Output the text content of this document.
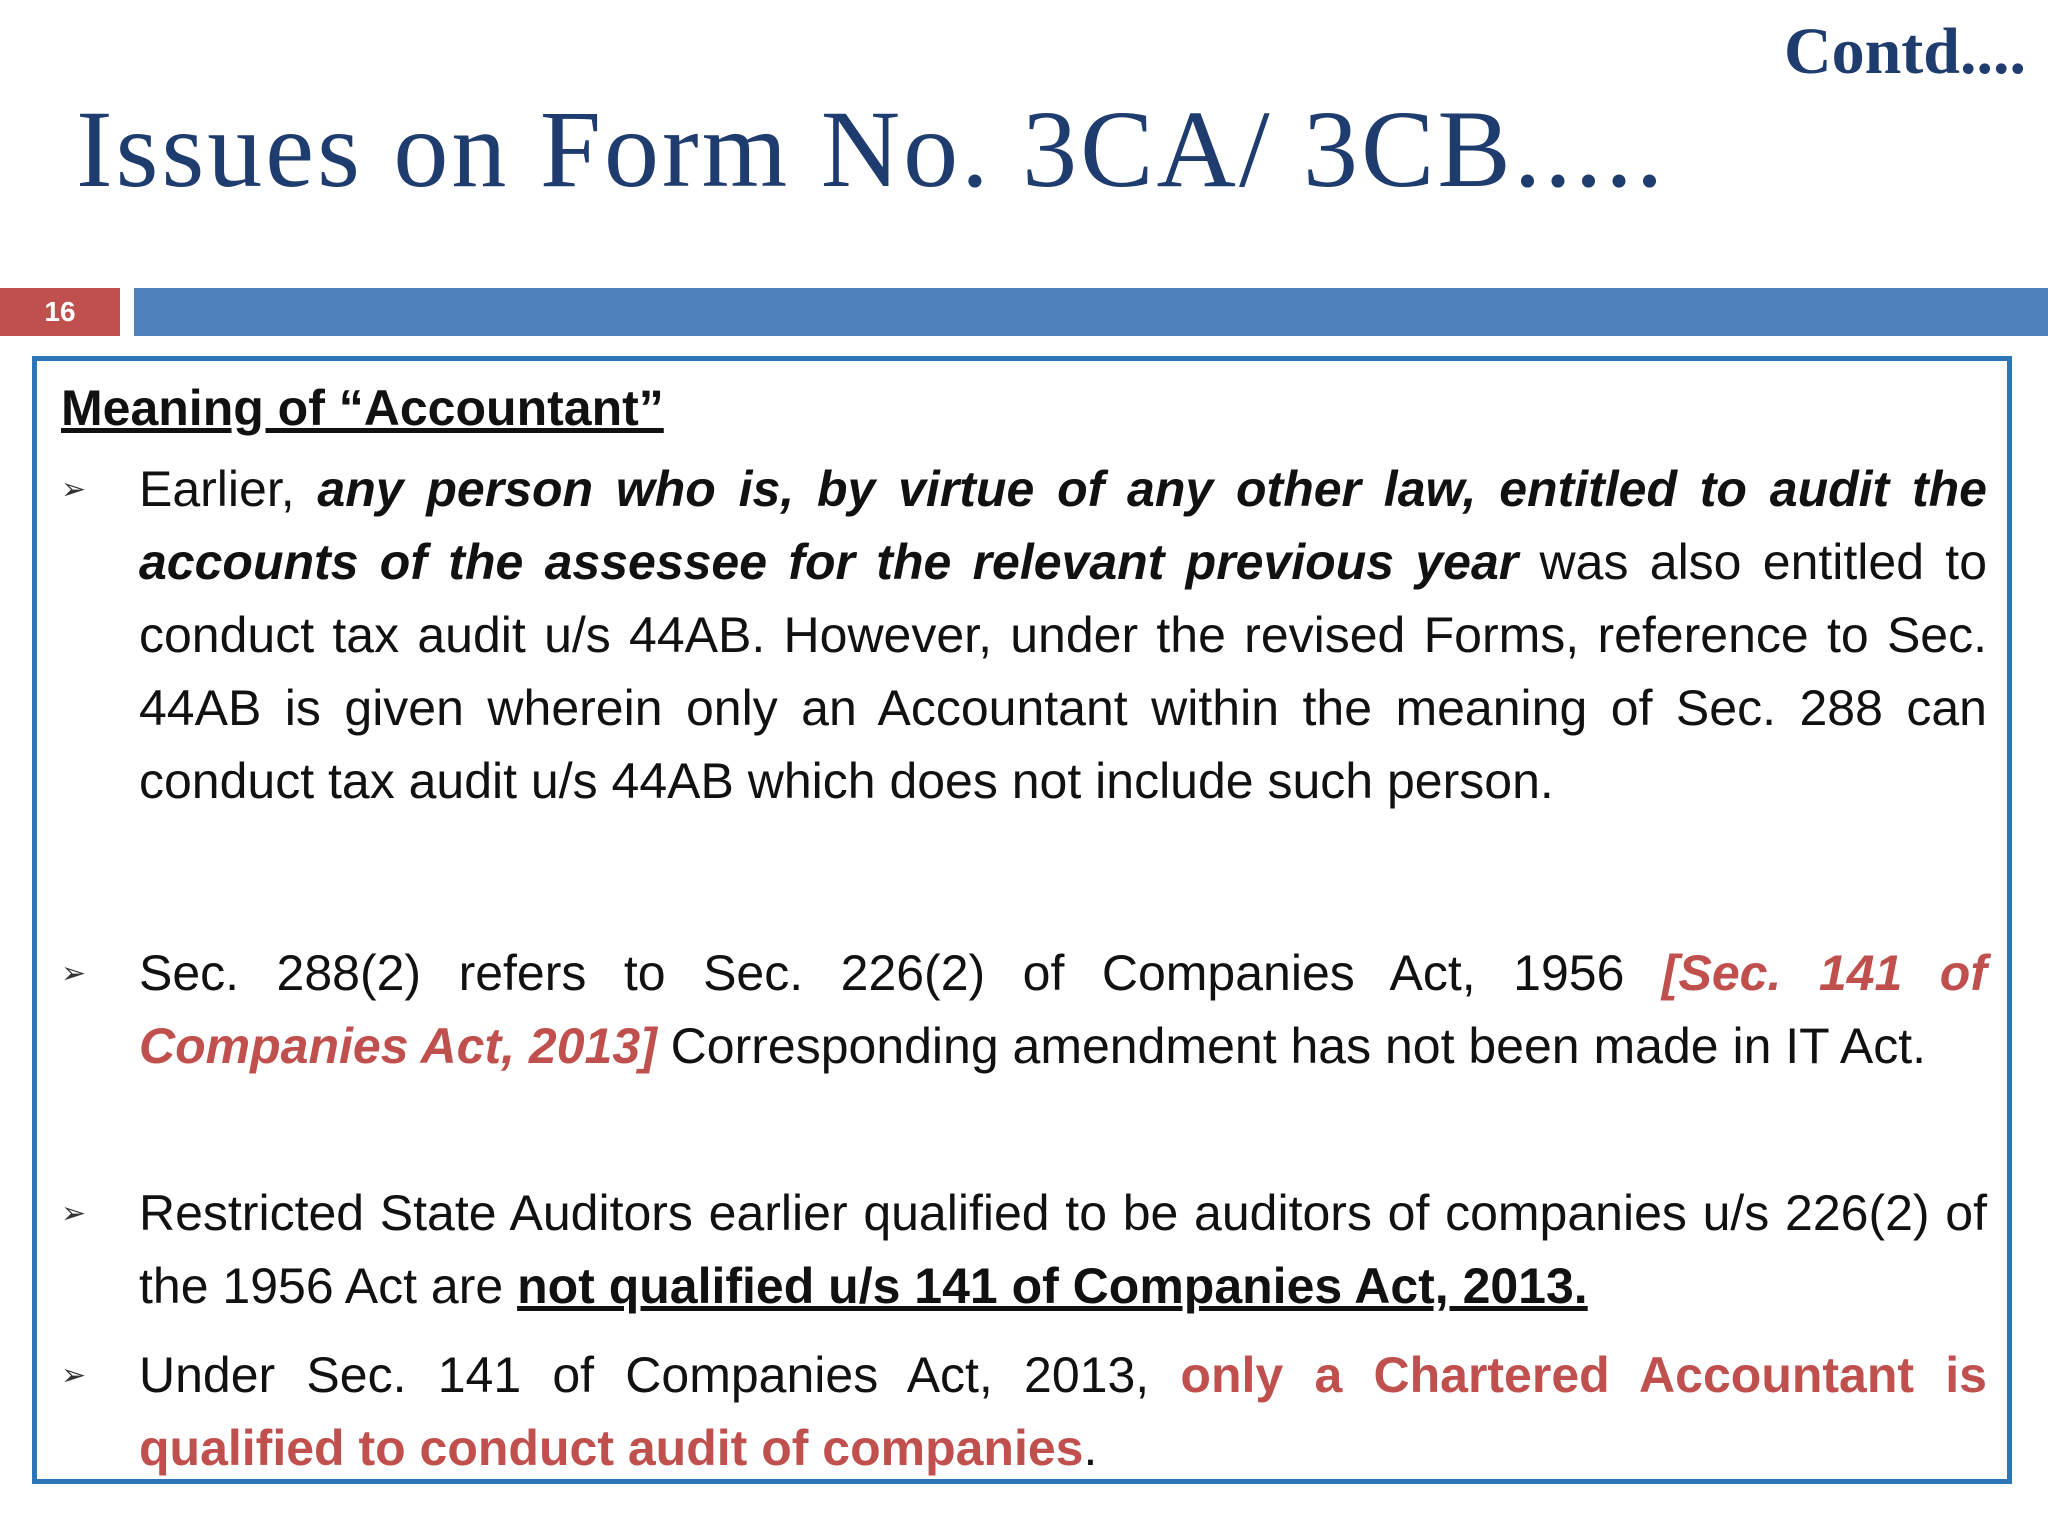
Contd....
Issues on Form No. 3CA/ 3CB.....
16
Meaning of “Accountant”
➢	Earlier, any person who is, by virtue of any other law, entitled to audit the accounts of the assessee for the relevant previous year was also entitled to conduct tax audit u/s 44AB. However, under the revised Forms, reference to Sec. 44AB is given wherein only an Accountant within the meaning of Sec. 288 can conduct tax audit u/s 44AB which does not include such person.
➢	Sec. 288(2) refers to Sec. 226(2) of Companies Act, 1956 [Sec. 141 of Companies Act, 2013] Corresponding amendment has not been made in IT Act.
➢	Restricted State Auditors earlier qualified to be auditors of companies u/s 226(2) of the 1956 Act are not qualified u/s 141 of Companies Act, 2013.
➢	Under Sec. 141 of Companies Act, 2013, only a Chartered Accountant is qualified to conduct audit of companies.
